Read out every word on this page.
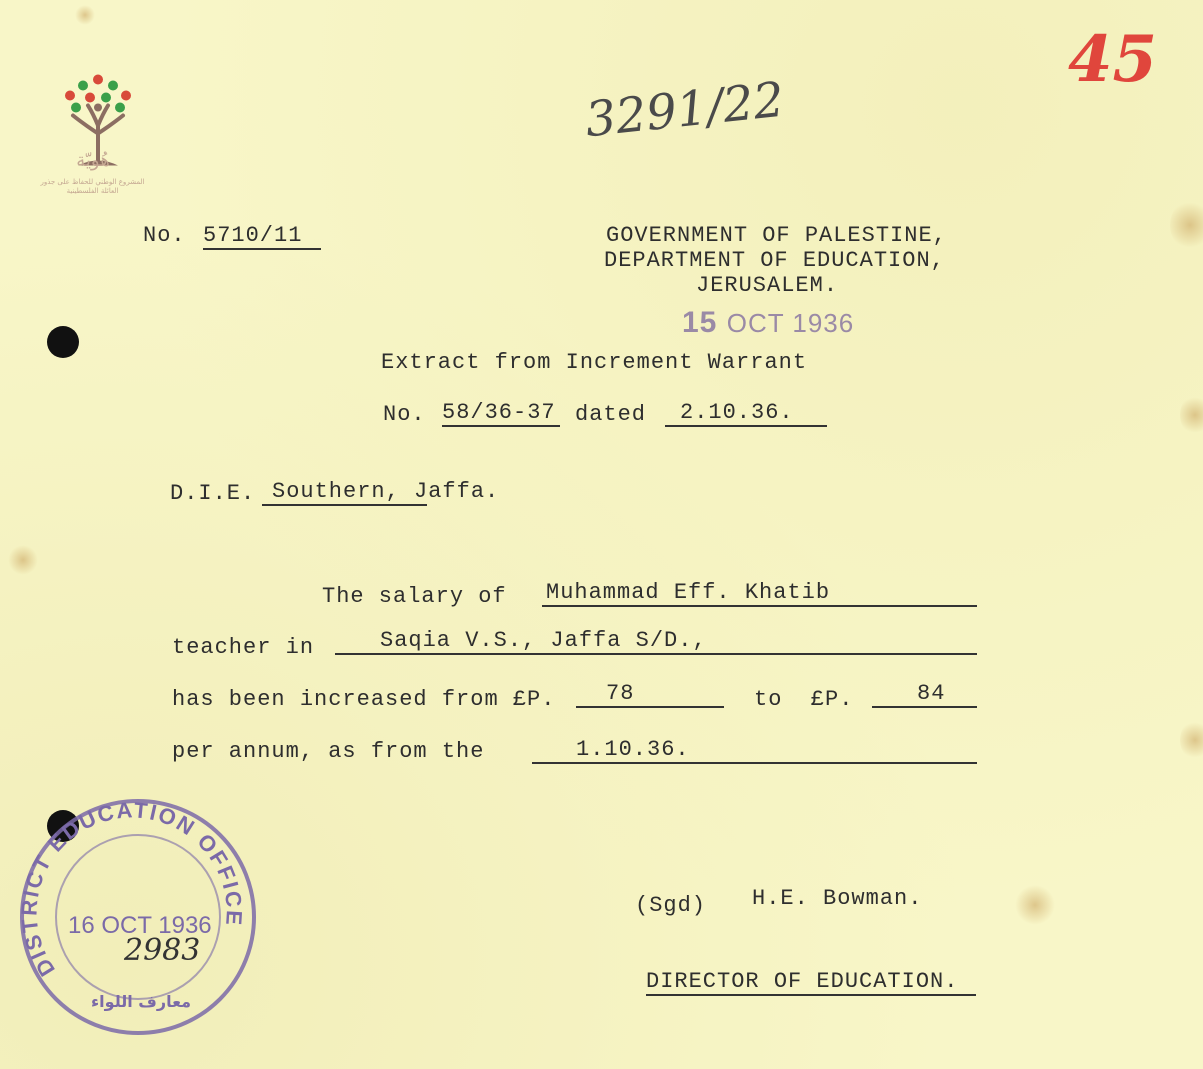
هُويّة
المشروع الوطني للحفاظ على جذور العائلة الفلسطينية
3291/22
45
No. 5710/11	GOVERNMENT OF PALESTINE,
DEPARTMENT OF EDUCATION,
JERUSALEM.
15 OCT 1936
Extract from Increment Warrant
No. 58/36-37 dated	2.10.36.
D.I.E. Southern, Jaffa.
The salary of Muhammad Eff. Khatib
teacher in	Saqia V.S., Jaffa S/D.,
has been increased from £P.	78	to  £P.	84
per annum, as from the	1.10.36.
(Sgd) H.E. Bowman.
DIRECTOR OF EDUCATION.
DISTRICT EDUCATION OFFICE
16 OCT 1936
2983
معارف اللواء
